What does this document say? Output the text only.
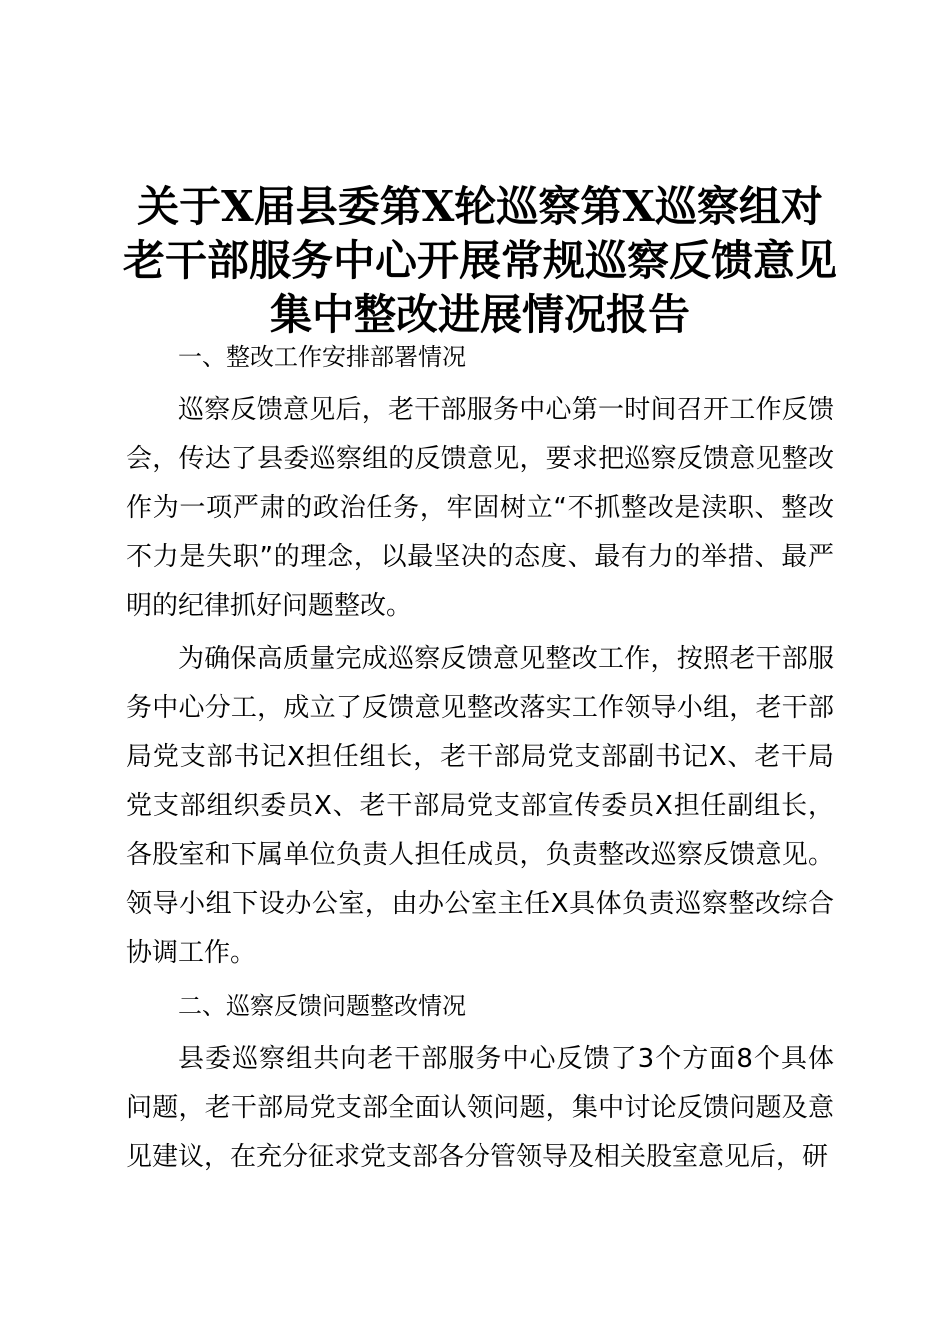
关于X届县委第X轮巡察第X巡察组对
老干部服务中心开展常规巡察反馈意见
集中整改进展情况报告

一、整改工作安排部署情况

巡察反馈意见后，老干部服务中心第一时间召开工作反馈会，传达了县委巡察组的反馈意见，要求把巡察反馈意见整改作为一项严肃的政治任务，牢固树立“不抓整改是渎职、整改不力是失职”的理念，以最坚决的态度、最有力的举措、最严明的纪律抓好问题整改。

为确保高质量完成巡察反馈意见整改工作，按照老干部服务中心分工，成立了反馈意见整改落实工作领导小组，老干部局党支部书记X担任组长，老干部局党支部副书记X、老干局党支部组织委员X、老干部局党支部宣传委员X担任副组长，各股室和下属单位负责人担任成员，负责整改巡察反馈意见。领导小组下设办公室，由办公室主任X具体负责巡察整改综合协调工作。

二、巡察反馈问题整改情况

县委巡察组共向老干部服务中心反馈了3个方面8个具体问题，老干部局党支部全面认领问题，集中讨论反馈问题及意见建议，在充分征求党支部各分管领导及相关股室意见后，研
